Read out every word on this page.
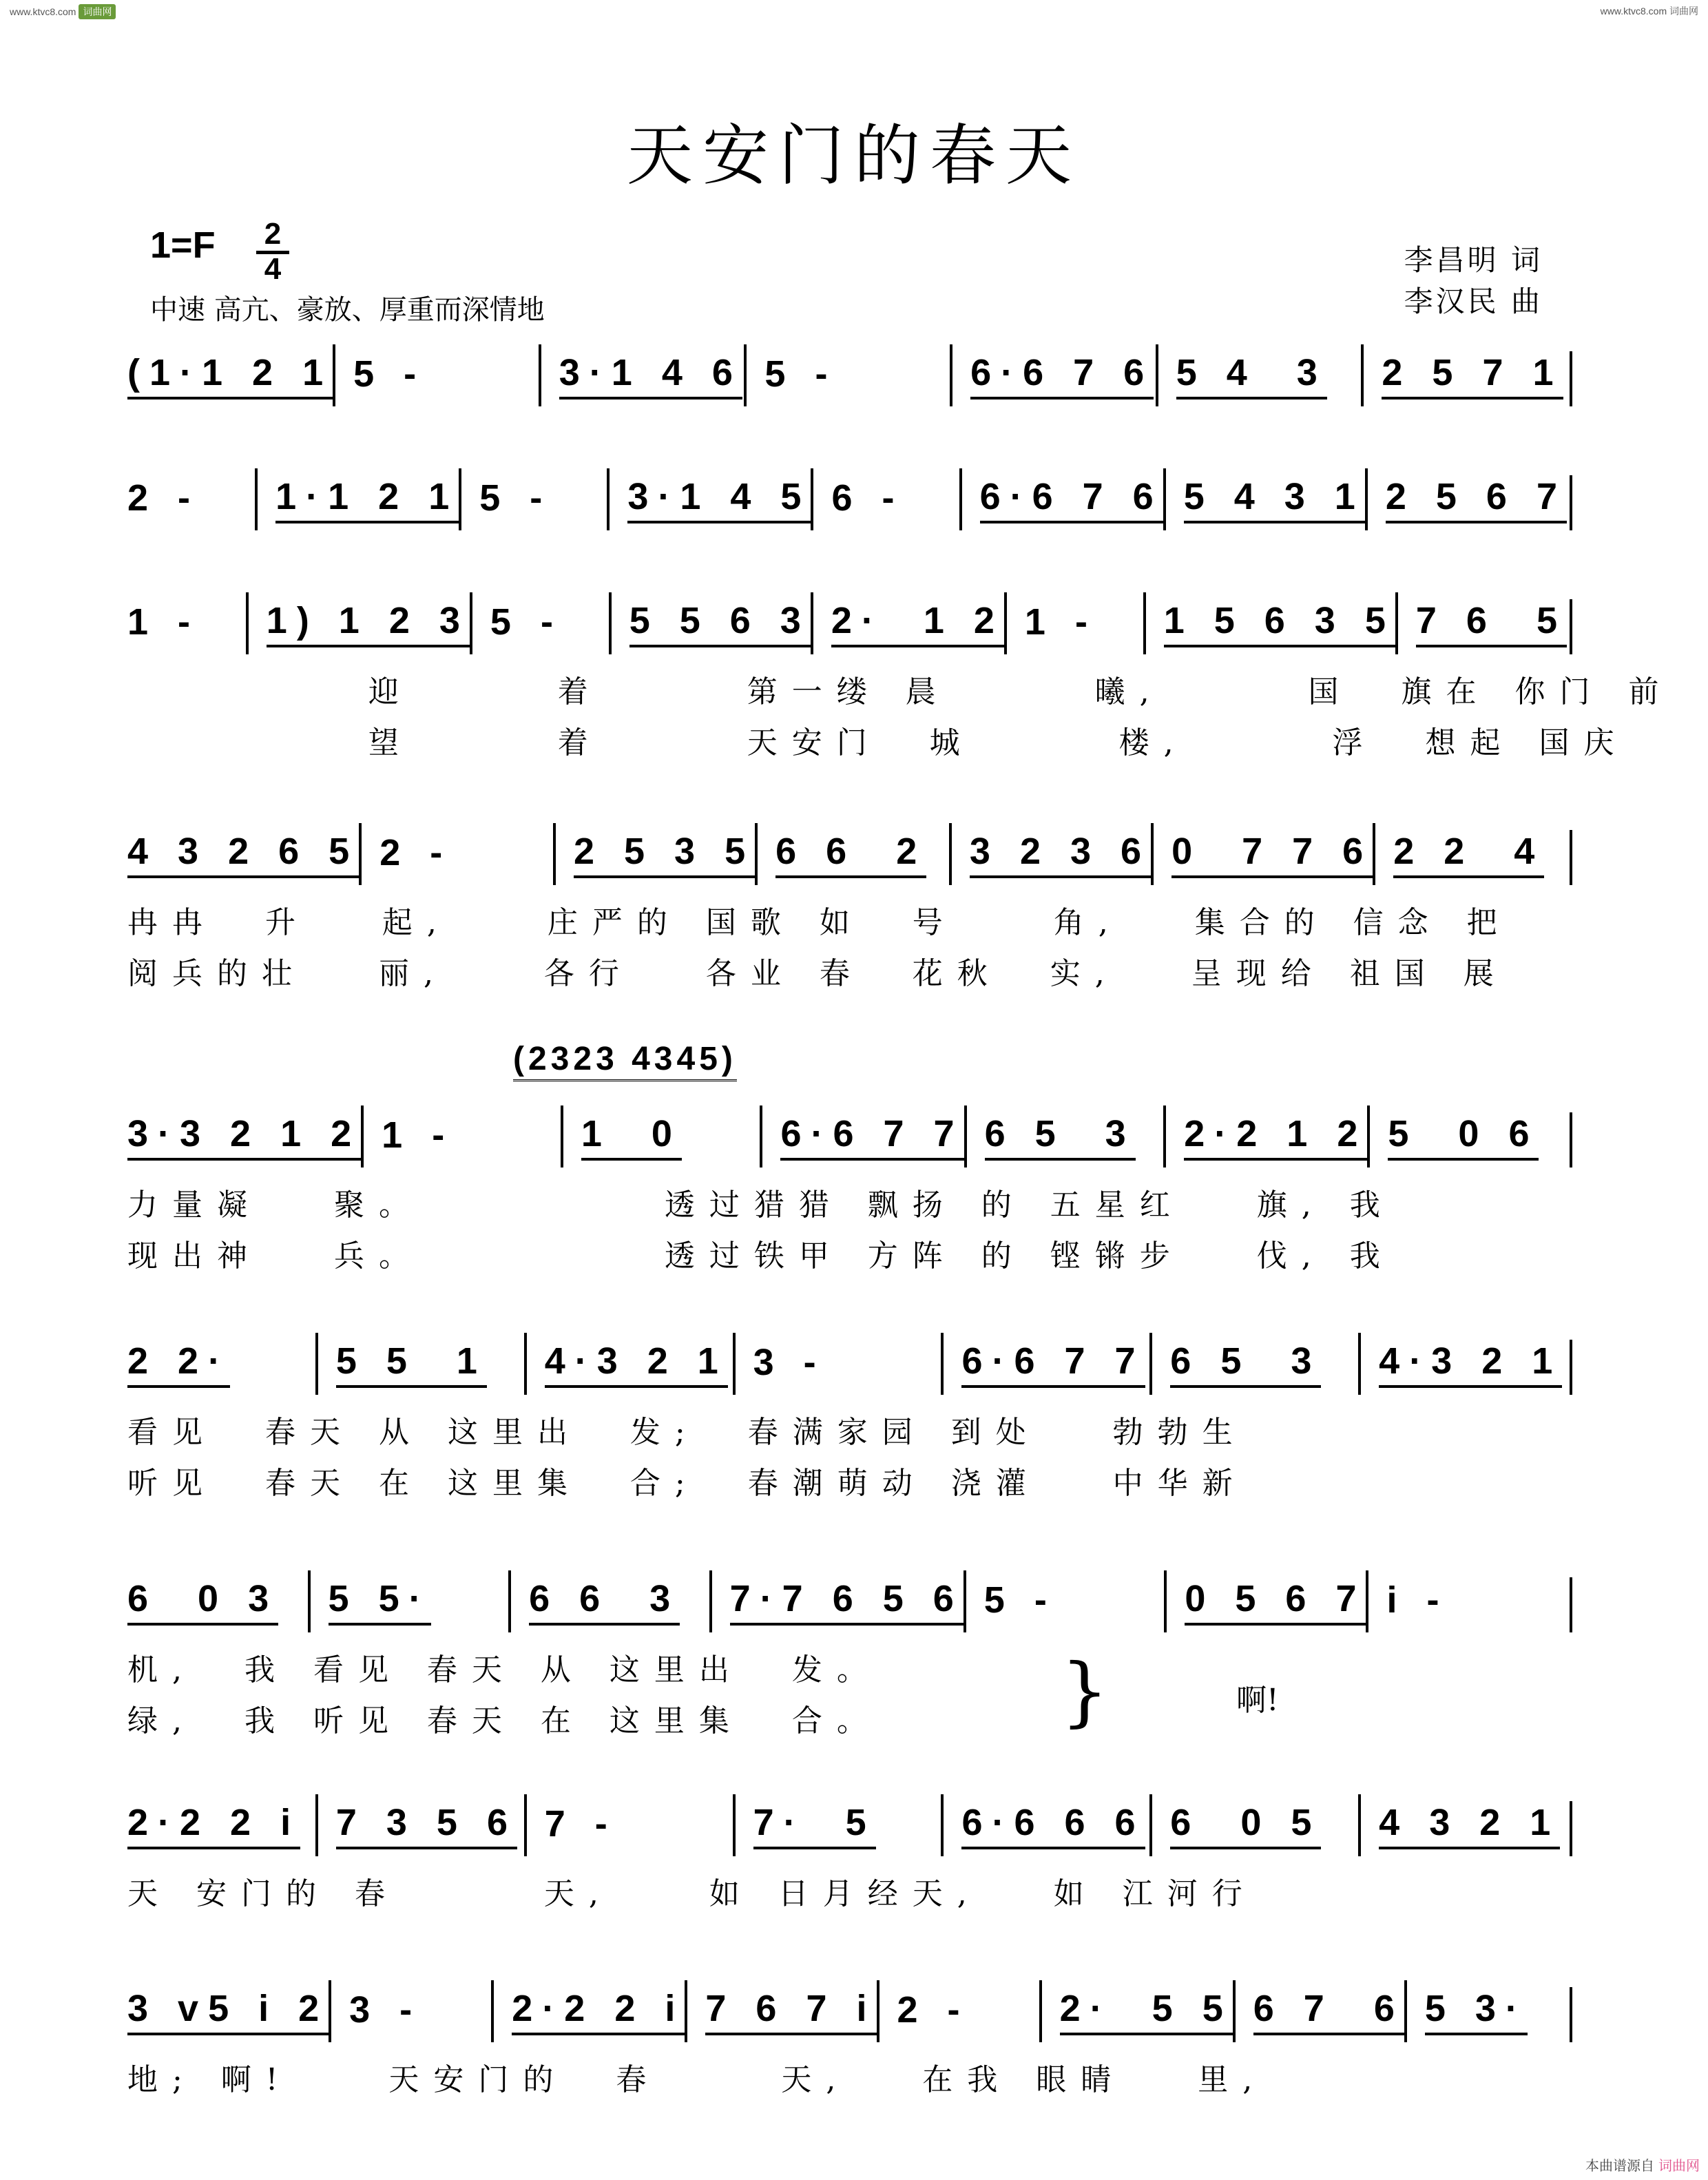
www.ktvc8.com 词曲网	www.ktvc8.com 词曲网
天安门的春天
1=F 2
4
中速 高亢、豪放、厚重而深情地
李昌明 词
李汉民 曲
(2323 4345)
}	啊!
(1·1 2 1 5 -	3·1 4 6 5 -	6·6 7 6 5 4  3 2 5 7 1
2 - 1·1 2 1 5 - 3·1 4 5 6 - 6·6 7 6 5 4 3 1 2 5 6 7
1 - 1) 1 2 3 5 - 5 5 6 3 2·  1 2 1 - 1 5 6 3 5 7 6  5
迎      着      第一缕 晨      曦,      国  旗在 你门 前
望      着      天安门  城      楼,      浮  想起 国庆
4 3 2 6 5 2 -	2 5 3 5 6 6  2 3 2 3 6 0  7 7 6 2 2  4
冉冉  升   起,    庄严的 国歌 如  号    角,   集合的 信念 把
阅兵的壮   丽,    各行   各业 春  花秋  实,   呈现给 祖国 展
3·3 2 1 2 1 -	1  0	6·6 7 7 6 5  3 2·2 1 2 5  0 6
力量凝   聚。          透过猎猎 飘扬 的 五星红   旗, 我
现出神   兵。          透过铁甲 方阵 的 铿锵步   伐, 我
2 2·	5 5  1 4·3 2 1 3 -	6·6 7 7 6 5  3 4·3 2 1
看见  春天 从 这里出  发;  春满家园 到处   勃勃生
听见  春天 在 这里集  合;  春潮萌动 浇灌   中华新
6  0 3 5 5·	6 6  3 7·7 6 5 6 5 -	0 5 6 7 i -
机,  我 看见 春天 从 这里出  发。
绿,  我 听见 春天 在 这里集  合。
2·2 2 i 7 3 5 6 7 -	7·  5 6·6 6 6 6  0 5 4 3 2 1
天 安门的 春      天,    如 日月经天,   如 江河行
3 v5 i 2 3 - 2·2 2 i 7 6 7 i 2 - 2·  5 5 6 7  6 5 3·
地; 啊!    天安门的  春     天,   在我 眼睛   里,
本曲谱源自 词曲网
